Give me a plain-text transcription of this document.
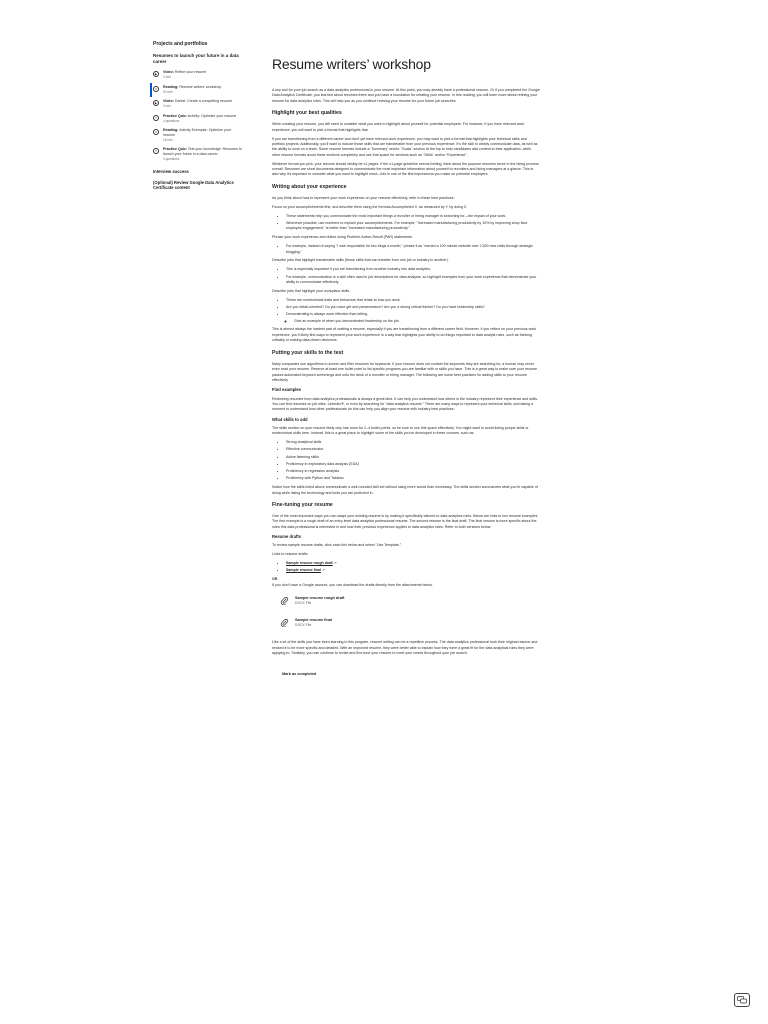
Projects and portfolios
Resumes to launch your future in a data career
▶	Video: Refine your resume
2 min
≡	Reading: Resume writers' workshop
20 min
▶	Video: Daniel: Create a compelling resume
2 min
?	Practice Quiz: Activity: Optimize your resume
4 questions
≡	Reading: Activity Exemplar: Optimize your resume
15 min
?	Practice Quiz: Test your knowledge: Resumes to launch your future in a data career
3 questions
Interview success
(Optional) Review Google Data Analytics Certificate content
Resume writers’ workshop

A key tool for your job search as a data analytics professional is your resume. At this point, you may already have a professional resume. Or if you completed the Google Data Analytics Certificate, you learned about resumes there and you have a foundation for creating your resume. In this reading, you will learn more about refining your resume for data analytics roles. This will help you as you continue revising your resume for your future job searches.

Highlight your best qualities

When creating your resume, you will need to consider what you want to highlight about yourself for potential employers. For instance, if you have relevant work experience, you will want to pick a format that highlights that.

If you are transitioning from a different career and don't yet have relevant work experience, you may want to pick a format that highlights your technical skills and portfolio projects. Additionally, you'll want to include those skills that are transferable from your previous experience. It's the skill to clearly communicate data, as well as the ability to work on a team. Some resume formats include a "Summary" and/or "Goals" section at the top to help candidates add context to their application, while other resume formats avoid these sections completely and use that space for sections such as "Skills" and/or "Experience".

Whatever format you pick, your resume should ideally be ≤1 pages. If the ≤1-page guideline seems limiting, think about the purpose resumes serve in the hiring process overall. Resumes are short documents designed to communicate the most important information about yourself to recruiters and hiring managers at a glance. This is also why it's important to consider what you want to highlight most—this is one of the first impressions you make on potential employers.

Writing about your experience

As you think about how to represent your work experience on your resume effectively, refer to these best practices:

Focus on your accomplishments first, and describe them using the formula Accomplished X, as measured by Y, by doing Z.

• These statements help you communicate the most important things a recruiter or hiring manager is searching for—the impact of your work.
• Whenever possible, use numbers to explain your accomplishments. For example, "Increased manufacturing productivity by 10% by improving shop floor employee engagement," is better than "Increased manufacturing productivity."

Phrase your work experience and duties using Problem-Action-Result (PAR) statements.

• For example, instead of saying "I was responsible for two blogs a month," phrase it as "earned a 100 minute website over 2,500 new visits through strategic blogging."

Describe jobs that highlight transferable skills (those skills that can transfer from one job or industry to another).

• This is especially important if you are transitioning from another industry into data analytics.
• For example, communication is a skill often used in job descriptions for data analysts, so highlight examples from your work experience that demonstrate your ability to communicate effectively.

Describe jobs that highlight your workplace skills.

• These are nontechnical traits and behaviors that relate to how you work.
• Are you detail-oriented? Do you have grit and perseverance? Are you a strong critical thinker? Do you have leadership skills?
• Demonstrating is always more effective than telling.
◦ Give an example of when you demonstrated leadership on the job.

This is almost always the hardest part of crafting a resume, especially if you are transitioning from a different career field. However, if you reflect on your previous work experience, you'll likely find ways to represent your work experience in a way that highlights your ability to do things important to data analyst roles, such as thinking critically or making data-driven decisions.

Putting your skills to the test

Many companies use algorithms to screen and filter resumes for keywords. If your resume does not contain the keywords they are searching for, a human may never even read your resume. Reserve at least one bullet point to list specific programs you are familiar with or skills you have. This is a great way to make sure your resume passes automated keyword screenings and onto the desk of a recruiter or hiring manager. The following are some best practices for adding skills to your resume effectively.

Find examples

Reviewing resumes from data analytics professionals is always a great idea. It can help you understand how others in the industry represent their experience and skills. You can find resumes on job sites, LinkedIn®, or even by searching for "data analytics resume." There are many ways to represent your technical skills, and taking a moment to understand how other professionals do this can help you align your resume with industry best practices.

What skills to add

The skills section on your resume likely only has room for 2–4 bullet points, so be sure to use this space effectively. You might want to avoid listing people skills or nontechnical skills here. Instead, this is a great place to highlight some of the skills you've developed in these courses, such as:

• Strong analytical skills
• Effective communicator
• Active listening skills
• Proficiency in exploratory data analysis (EDA)
• Proficiency in regression analysis
• Proficiency with Python and Tableau

Notice how the skills listed above communicate a well-rounded skill set without using more words than necessary. The skills section summarizes what you're capable of doing while listing the technology and tools you are proficient in.

Fine-tuning your resume

One of the most important ways you can adapt your existing resume is by making it specifically tailored to data analytics roles. Below are links to two resume examples. The first example is a rough draft of an entry-level data analytics professional resume. The second resume is the final draft. The final version is more specific about the roles this data professional is interested in and how their previous experience applies to data analytics roles. Refer to both versions below.

Resume drafts

To review sample resume drafts, click each link below and select "Use Template."

Links to resume drafts:

• Sample resume rough draft ↗
• Sample resume final ↗

OR

If you don't have a Google account, you can download the drafts directly from the attachments below.

Sample resume rough draft
DOCX File
Sample resume final
DOCX File

Like a lot of the skills you have been learning in this program, resume writing can be a repetitive process. The data analytics professional took their original resume and revised it to be more specific and detailed. With an improved resume, they were better able to explain how they were a great fit for the data analytical roles they were applying to. Similarly, you can continue to revise and fine-tune your resume to meet your needs throughout your job search.

Mark as completed
